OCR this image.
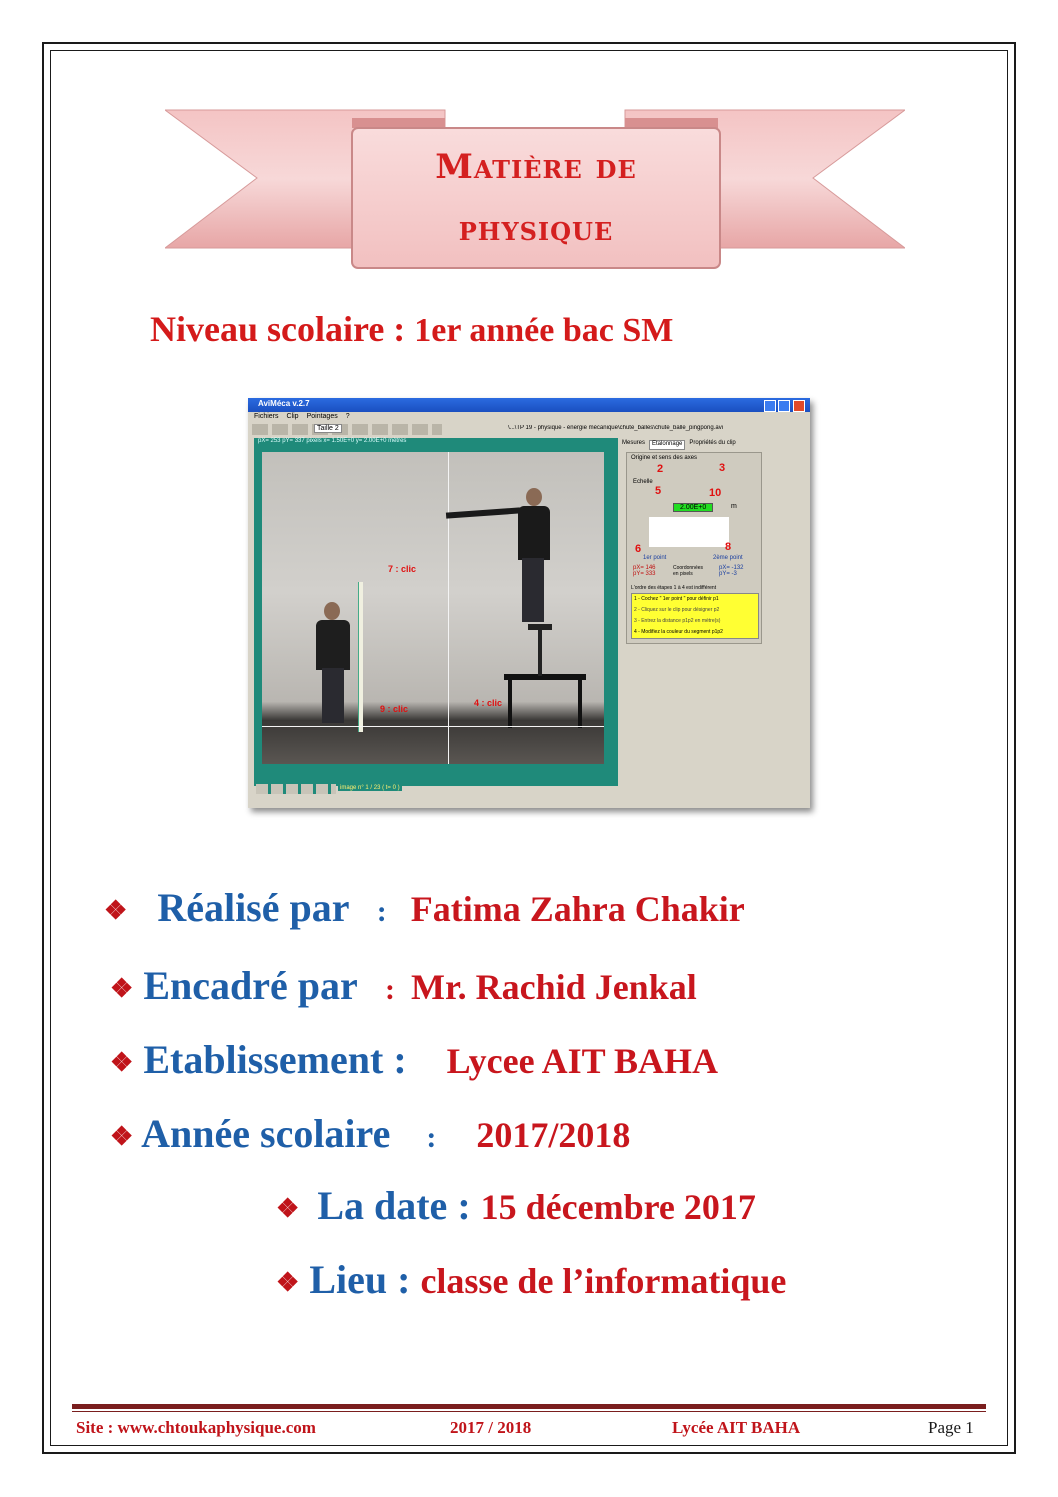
Matière de
physique
Niveau scolaire : 1er année bac SM
AviMéca v.2.7
Fichiers Clip Pointages ?
Taille 2	\...\TP 19 - physique - énergie mécanique\chute_balles\chute_balle_pingpong.avi
pX= 253 pY= 337 pixels x= 1.50E+0 y= 2.00E+0 mètres
7 : clic
9 : clic
4 : clic
image n° 1 / 23 ( t= 0 )
Mesures	Etalonnage	Propriétés du clip
Origine et sens des axes
2	3
Echelle
5	10
2.00E+0	m
6	8
1er point	2ème point
Coordonnées en pixels
pX= 146
pY= 333
pX= -132
pY= -3
L'ordre des étapes 1 à 4 est indifférent
1 - Cochez " 1er point " pour définir p1
2 - Cliquez sur le clip pour désigner p2
3 - Entrez la distance p1p2 en mètre(s)
4 - Modifiez la couleur du segment p1p2
❖ Réalisé par : Fatima Zahra Chakir
❖ Encadré par : Mr. Rachid Jenkal
❖ Etablissement : Lycee AIT BAHA
❖ Année scolaire : 2017/2018
❖ La date : 15 décembre 2017
❖ Lieu : classe de l’informatique
Site : www.chtoukaphysique.com	2017 / 2018	Lycée AIT BAHA	Page 1
